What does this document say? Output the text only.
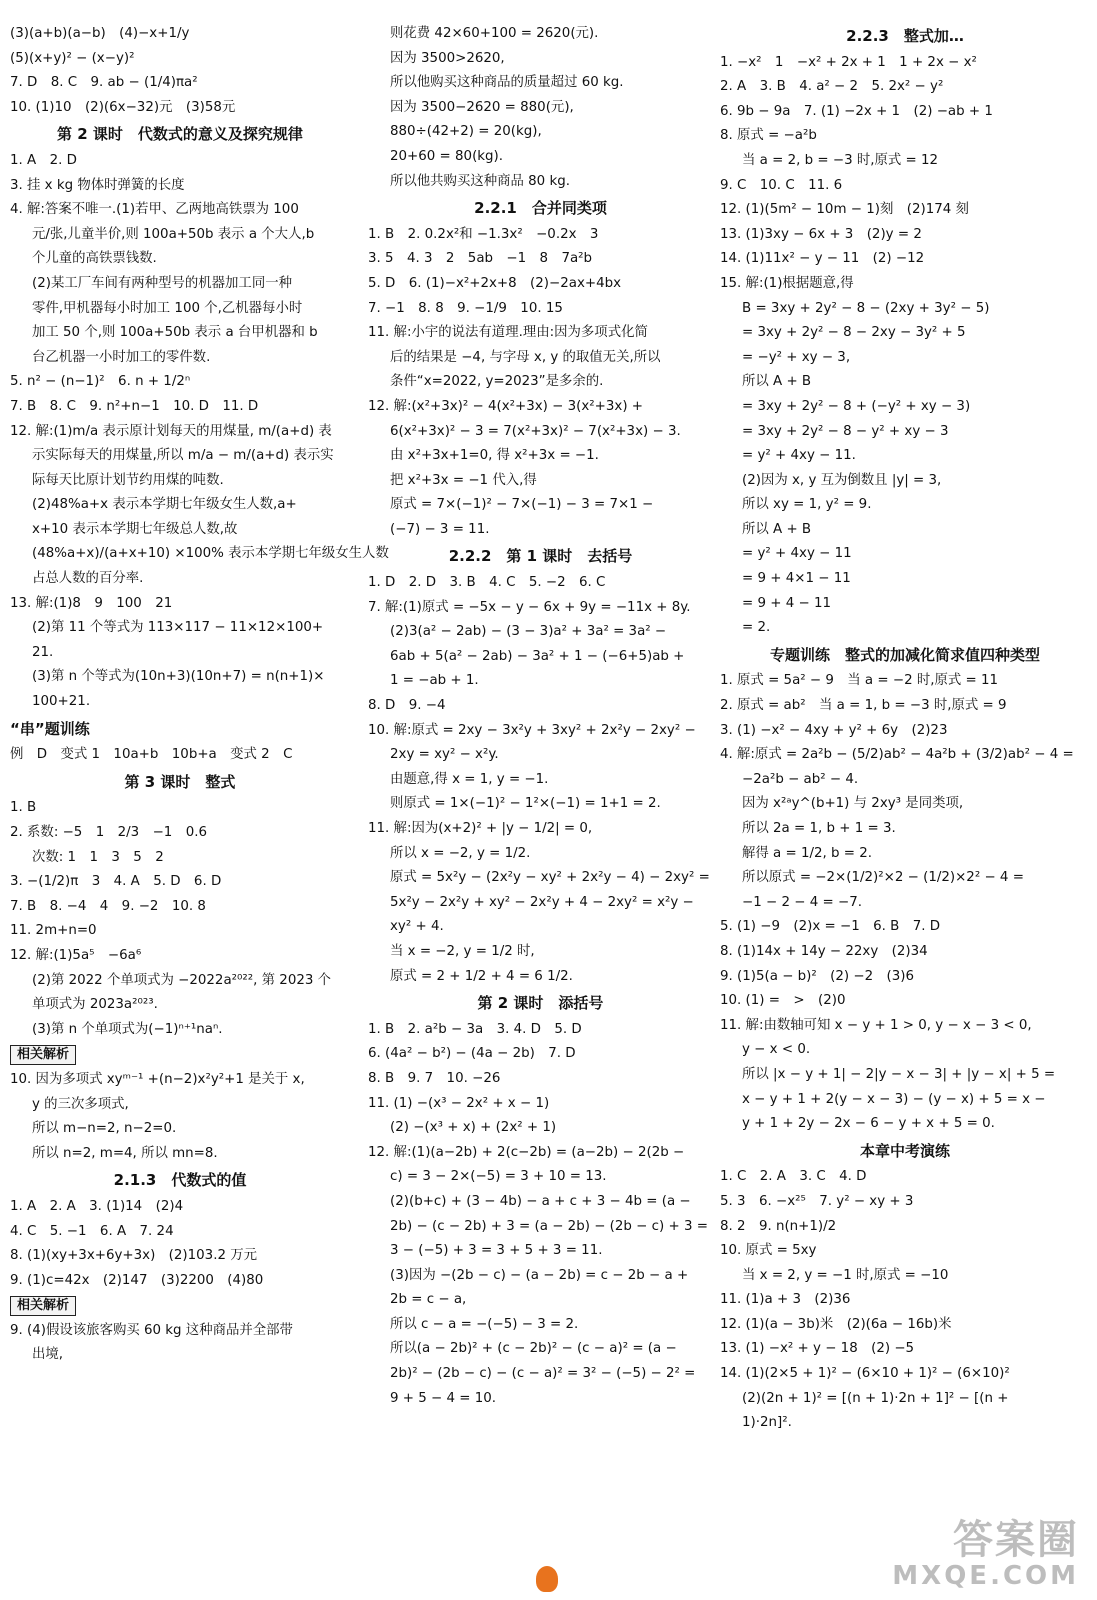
(3)(a+b)(a−b)　(4)−x+1/y
(5)(x+y)² − (x−y)²
7. D　8. C　9. ab − (1/4)πa²
10. (1)10　(2)(6x−32)元　(3)58元
第 2 课时　代数式的意义及探究规律
1. A　2. D
3. 挂 x kg 物体时弹簧的长度
4. 解:答案不唯一.(1)若甲、乙两地高铁票为 100
元/张,儿童半价,则 100a+50b 表示 a 个大人,b
个儿童的高铁票钱数.
(2)某工厂车间有两种型号的机器加工同一种
零件,甲机器每小时加工 100 个,乙机器每小时
加工 50 个,则 100a+50b 表示 a 台甲机器和 b
台乙机器一小时加工的零件数.
5. n² − (n−1)²　6. n + 1/2ⁿ
7. B　8. C　9. n²+n−1　10. D　11. D
12. 解:(1)m/a 表示原计划每天的用煤量, m/(a+d) 表
示实际每天的用煤量,所以 m/a − m/(a+d) 表示实
际每天比原计划节约用煤的吨数.
(2)48%a+x 表示本学期七年级女生人数,a+
x+10 表示本学期七年级总人数,故
(48%a+x)/(a+x+10) ×100% 表示本学期七年级女生人数
占总人数的百分率.
13. 解:(1)8　9　100　21
(2)第 11 个等式为 113×117 − 11×12×100+
21.
(3)第 n 个等式为(10n+3)(10n+7) = n(n+1)×
100+21.
“串”题训练
例　D　变式 1　10a+b　10b+a　变式 2　C
第 3 课时　整式
1. B
2. 系数: −5　1　2/3　−1　0.6
次数: 1　1　3　5　2
3. −(1/2)π　3　4. A　5. D　6. D
7. B　8. −4　4　9. −2　10. 8
11. 2m+n=0
12. 解:(1)5a⁵　−6a⁶
(2)第 2022 个单项式为 −2022a²⁰²², 第 2023 个
单项式为 2023a²⁰²³.
(3)第 n 个单项式为(−1)ⁿ⁺¹naⁿ.
相关解析
10. 因为多项式 xyᵐ⁻¹ +(n−2)x²y²+1 是关于 x,
y 的三次多项式,
所以 m−n=2, n−2=0.
所以 n=2, m=4, 所以 mn=8.
2.1.3　代数式的值
1. A　2. A　3. (1)14　(2)4
4. C　5. −1　6. A　7. 24
8. (1)(xy+3x+6y+3x)　(2)103.2 万元
9. (1)c=42x　(2)147　(3)2200　(4)80
相关解析
9. (4)假设该旅客购买 60 kg 这种商品并全部带
出境,
则花费 42×60+100 = 2620(元).
因为 3500>2620,
所以他购买这种商品的质量超过 60 kg.
因为 3500−2620 = 880(元),
880÷(42+2) = 20(kg),
20+60 = 80(kg).
所以他共购买这种商品 80 kg.
2.2.1　合并同类项
1. B　2. 0.2x²和 −1.3x²　−0.2x　3
3. 5　4. 3　2　5ab　−1　8　7a²b
5. D　6. (1)−x²+2x+8　(2)−2ax+4bx
7. −1　8. 8　9. −1/9　10. 15
11. 解:小宇的说法有道理.理由:因为多项式化简
后的结果是 −4, 与字母 x, y 的取值无关,所以
条件“x=2022, y=2023”是多余的.
12. 解:(x²+3x)² − 4(x²+3x) − 3(x²+3x) +
6(x²+3x)² − 3 = 7(x²+3x)² − 7(x²+3x) − 3.
由 x²+3x+1=0, 得 x²+3x = −1.
把 x²+3x = −1 代入,得
原式 = 7×(−1)² − 7×(−1) − 3 = 7×1 −
(−7) − 3 = 11.
2.2.2　第 1 课时　去括号
1. D　2. D　3. B　4. C　5. −2　6. C
7. 解:(1)原式 = −5x − y − 6x + 9y = −11x + 8y.
(2)3(a² − 2ab) − (3 − 3)a² + 3a² = 3a² −
6ab + 5(a² − 2ab) − 3a² + 1 − (−6+5)ab +
1 = −ab + 1.
8. D　9. −4
10. 解:原式 = 2xy − 3x²y + 3xy² + 2x²y − 2xy² −
2xy = xy² − x²y.
由题意,得 x = 1, y = −1.
则原式 = 1×(−1)² − 1²×(−1) = 1+1 = 2.
11. 解:因为(x+2)² + |y − 1/2| = 0,
所以 x = −2, y = 1/2.
原式 = 5x²y − (2x²y − xy² + 2x²y − 4) − 2xy² =
5x²y − 2x²y + xy² − 2x²y + 4 − 2xy² = x²y −
xy² + 4.
当 x = −2, y = 1/2 时,
原式 = 2 + 1/2 + 4 = 6 1/2.
第 2 课时　添括号
1. B　2. a²b − 3a　3. 4. D　5. D
6. (4a² − b²) − (4a − 2b)　7. D
8. B　9. 7　10. −26
11. (1) −(x³ − 2x² + x − 1)
(2) −(x³ + x) + (2x² + 1)
12. 解:(1)(a−2b) + 2(c−2b) = (a−2b) − 2(2b −
c) = 3 − 2×(−5) = 3 + 10 = 13.
(2)(b+c) + (3 − 4b) − a + c + 3 − 4b = (a −
2b) − (c − 2b) + 3 = (a − 2b) − (2b − c) + 3 =
3 − (−5) + 3 = 3 + 5 + 3 = 11.
(3)因为 −(2b − c) − (a − 2b) = c − 2b − a +
2b = c − a,
所以 c − a = −(−5) − 3 = 2.
所以(a − 2b)² + (c − 2b)² − (c − a)² = (a −
2b)² − (2b − c) − (c − a)² = 3² − (−5) − 2² =
9 + 5 − 4 = 10.
2.2.3　整式加…
1. −x²　1　−x² + 2x + 1　1 + 2x − x²
2. A　3. B　4. a² − 2　5. 2x² − y²
6. 9b − 9a　7. (1) −2x + 1　(2) −ab + 1
8. 原式 = −a²b
当 a = 2, b = −3 时,原式 = 12
9. C　10. C　11. 6
12. (1)(5m² − 10m − 1)刻　(2)174 刻
13. (1)3xy − 6x + 3　(2)y = 2
14. (1)11x² − y − 11　(2) −12
15. 解:(1)根据题意,得
B = 3xy + 2y² − 8 − (2xy + 3y² − 5)
= 3xy + 2y² − 8 − 2xy − 3y² + 5
= −y² + xy − 3,
所以 A + B
= 3xy + 2y² − 8 + (−y² + xy − 3)
= 3xy + 2y² − 8 − y² + xy − 3
= y² + 4xy − 11.
(2)因为 x, y 互为倒数且 |y| = 3,
所以 xy = 1, y² = 9.
所以 A + B
= y² + 4xy − 11
= 9 + 4×1 − 11
= 9 + 4 − 11
= 2.
专题训练　整式的加减化简求值四种类型
1. 原式 = 5a² − 9　当 a = −2 时,原式 = 11
2. 原式 = ab²　当 a = 1, b = −3 时,原式 = 9
3. (1) −x² − 4xy + y² + 6y　(2)23
4. 解:原式 = 2a²b − (5/2)ab² − 4a²b + (3/2)ab² − 4 =
−2a²b − ab² − 4.
因为 x²ᵃy^(b+1) 与 2xy³ 是同类项,
所以 2a = 1, b + 1 = 3.
解得 a = 1/2, b = 2.
所以原式 = −2×(1/2)²×2 − (1/2)×2² − 4 =
−1 − 2 − 4 = −7.
5. (1) −9　(2)x = −1　6. B　7. D
8. (1)14x + 14y − 22xy　(2)34
9. (1)5(a − b)²　(2) −2　(3)6
10. (1) =　>　(2)0
11. 解:由数轴可知 x − y + 1 > 0, y − x − 3 < 0,
y − x < 0.
所以 |x − y + 1| − 2|y − x − 3| + |y − x| + 5 =
x − y + 1 + 2(y − x − 3) − (y − x) + 5 = x −
y + 1 + 2y − 2x − 6 − y + x + 5 = 0.
本章中考演练
1. C　2. A　3. C　4. D
5. 3　6. −x²⁵　7. y² − xy + 3
8. 2　9. n(n+1)/2
10. 原式 = 5xy
当 x = 2, y = −1 时,原式 = −10
11. (1)a + 3　(2)36
12. (1)(a − 3b)米　(2)(6a − 16b)米
13. (1) −x² + y − 18　(2) −5
14. (1)(2×5 + 1)² − (6×10 + 1)² − (6×10)²
(2)(2n + 1)² = [(n + 1)·2n + 1]² − [(n +
1)·2n]².
答案圈
MXQE.COM
